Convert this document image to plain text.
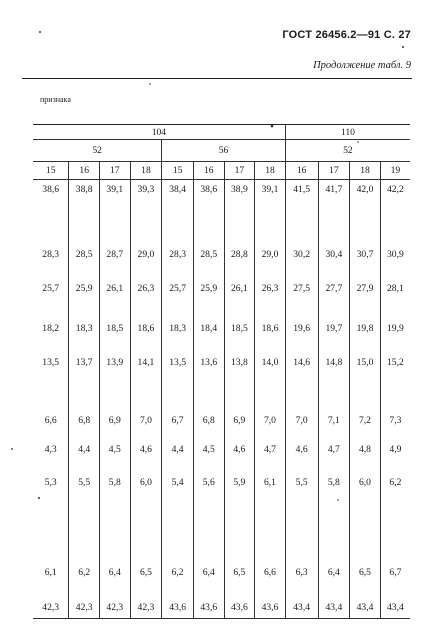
ГОСТ 26456.2—91 С. 27
Продолжение табл. 9
признака
104								110			
52				56				52			
15	16	17	18	15	16	17	18	16	17	18	19
38,6	38,8	39,1	39,3	38,4	38,6	38,9	39,1	41,5	41,7	42,0	42,2
28,3	28,5	28,7	29,0	28,3	28,5	28,8	29,0	30,2	30,4	30,7	30,9
25,7	25,9	26,1	26,3	25,7	25,9	26,1	26,3	27,5	27,7	27,9	28,1
18,2	18,3	18,5	18,6	18,3	18,4	18,5	18,6	19,6	19,7	19,8	19,9
13,5	13,7	13,9	14,1	13,5	13,6	13,8	14,0	14,6	14,8	15,0	15,2
6,6	6,8	6,9	7,0	6,7	6,8	6,9	7,0	7,0	7,1	7,2	7,3
4,3	4,4	4,5	4,6	4,4	4,5	4,6	4,7	4,6	4,7	4,8	4,9
5,3	5,5	5,8	6,0	5,4	5,6	5,9	6,1	5,5	5,8	6,0	6,2
6,1	6,2	6,4	6,5	6,2	6,4	6,5	6,6	6,3	6,4	6,5	6,7
42,3	42,3	42,3	42,3	43,6	43,6	43,6	43,6	43,4	43,4	43,4	43,4
